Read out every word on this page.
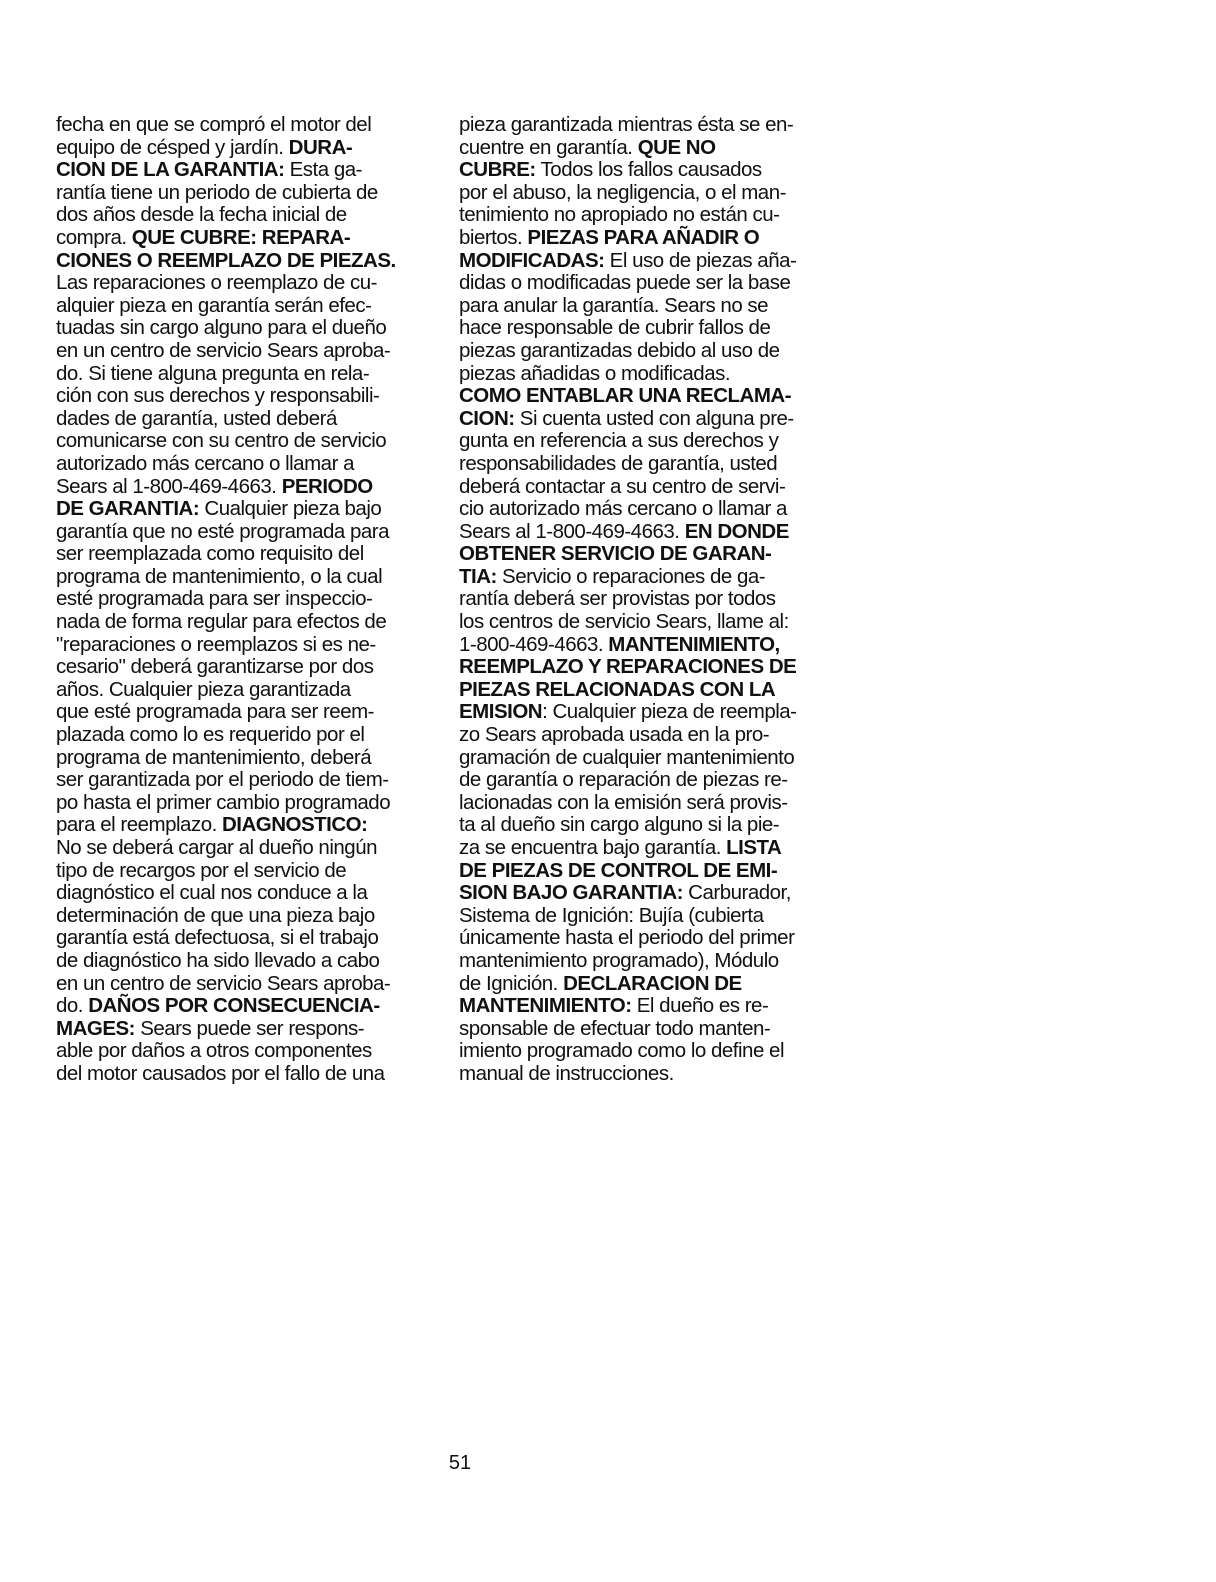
fecha en que se compró el motor del
equipo de césped y jardín. DURA-
CION DE LA GARANTIA: Esta ga-
rantía tiene un periodo de cubierta de
dos años desde la fecha inicial de
compra. QUE CUBRE: REPARA-
CIONES O REEMPLAZO DE PIEZAS.
Las reparaciones o reemplazo de cu-
alquier pieza en garantía serán efec-
tuadas sin cargo alguno para el dueño
en un centro de servicio Sears aproba-
do. Si tiene alguna pregunta en rela-
ción con sus derechos y responsabili-
dades de garantía, usted deberá
comunicarse con su centro de servicio
autorizado más cercano o llamar a
Sears al 1-800-469-4663. PERIODO
DE GARANTIA: Cualquier pieza bajo
garantía que no esté programada para
ser reemplazada como requisito del
programa de mantenimiento, o la cual
esté programada para ser inspeccio-
nada de forma regular para efectos de
"reparaciones o reemplazos si es ne-
cesario" deberá garantizarse por dos
años. Cualquier pieza garantizada
que esté programada para ser reem-
plazada como lo es requerido por el
programa de mantenimiento, deberá
ser garantizada por el periodo de tiem-
po hasta el primer cambio programado
para el reemplazo. DIAGNOSTICO:
No se deberá cargar al dueño ningún
tipo de recargos por el servicio de
diagnóstico el cual nos conduce a la
determinación de que una pieza bajo
garantía está defectuosa, si el trabajo
de diagnóstico ha sido llevado a cabo
en un centro de servicio Sears aproba-
do. DAÑOS POR CONSECUENCIA-
MAGES: Sears puede ser respons-
able por daños a otros componentes
del motor causados por el fallo de una
pieza garantizada mientras ésta se en-
cuentre en garantía. QUE NO
CUBRE: Todos los fallos causados
por el abuso, la negligencia, o el man-
tenimiento no apropiado no están cu-
biertos. PIEZAS PARA AÑADIR O
MODIFICADAS: El uso de piezas aña-
didas o modificadas puede ser la base
para anular la garantía. Sears no se
hace responsable de cubrir fallos de
piezas garantizadas debido al uso de
piezas añadidas o modificadas.
COMO ENTABLAR UNA RECLAMA-
CION: Si cuenta usted con alguna pre-
gunta en referencia a sus derechos y
responsabilidades de garantía, usted
deberá contactar a su centro de servi-
cio autorizado más cercano o llamar a
Sears al 1-800-469-4663. EN DONDE
OBTENER SERVICIO DE GARAN-
TIA: Servicio o reparaciones de ga-
rantía deberá ser provistas por todos
los centros de servicio Sears, llame al:
1-800-469-4663. MANTENIMIENTO,
REEMPLAZO Y REPARACIONES DE
PIEZAS RELACIONADAS CON LA
EMISION: Cualquier pieza de reempla-
zo Sears aprobada usada en la pro-
gramación de cualquier mantenimiento
de garantía o reparación de piezas re-
lacionadas con la emisión será provis-
ta al dueño sin cargo alguno si la pie-
za se encuentra bajo garantía. LISTA
DE PIEZAS DE CONTROL DE EMI-
SION BAJO GARANTIA: Carburador,
Sistema de Ignición: Bujía (cubierta
únicamente hasta el periodo del primer
mantenimiento programado), Módulo
de Ignición. DECLARACION DE
MANTENIMIENTO: El dueño es re-
sponsable de efectuar todo manten-
imiento programado como lo define el
manual de instrucciones.
51
